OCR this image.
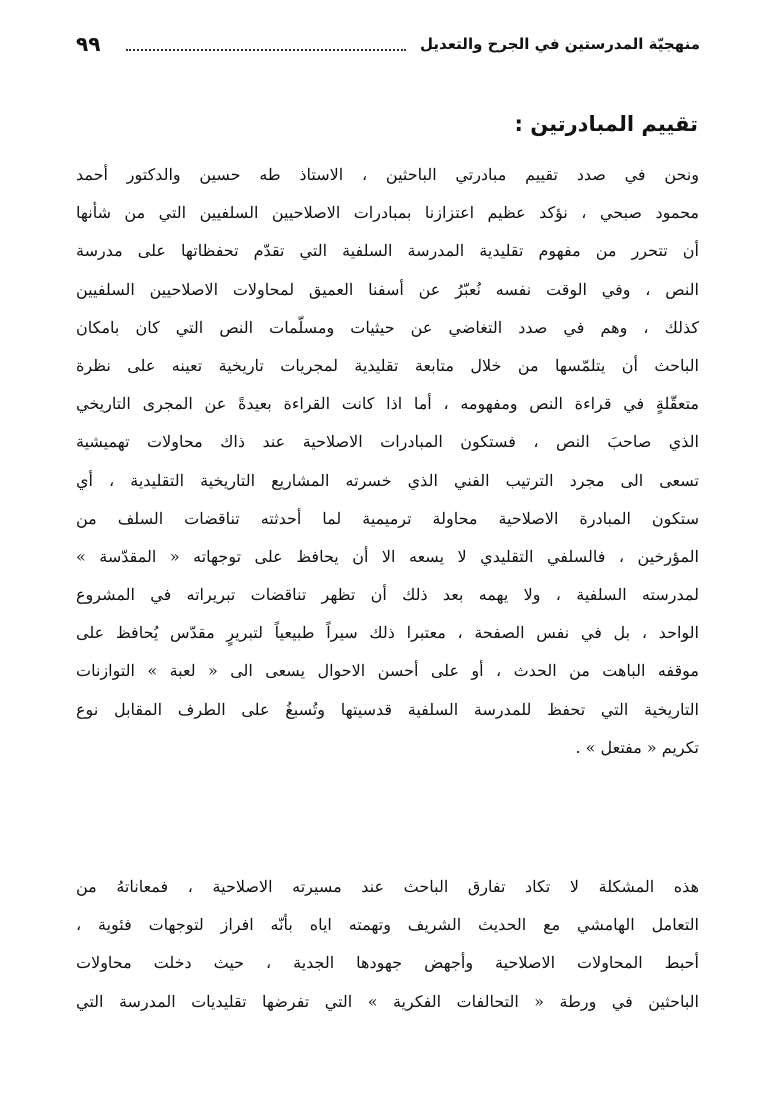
٩٩	منهجيّة المدرستين في الجرح والتعديل
تقييم المبادرتين :
ونحن في صدد تقييم مبادرتي الباحثين ، الاستاذ طه حسين والدكتور أحمد
محمود صبحي ، نؤكد عظيم اعتزازنا بمبادرات الاصلاحيين السلفيين التي من شأنها
أن تتحرر من مفهوم تقليدية المدرسة السلفية التي تقدّم تحفظاتها على مدرسة
النص ، وفي الوقت نفسه نُعبّرُ عن أسفنا العميق لمحاولات الاصلاحيين السلفيين
كذلك ، وهم في صدد التغاضي عن حيثيات ومسلّمات النص التي كان بامكان
الباحث أن يتلمّسها من خلال متابعة تقليدية لمجريات تاريخية تعينه على نظرة
متعقّلةٍ في قراءة النص ومفهومه ، أما اذا كانت القراءة بعيدةً عن المجرى التاريخي
الذي صاحبَ النص ، فستكون المبادرات الاصلاحية عند ذاك محاولات تهميشية
تسعى الى مجرد الترتيب الفني الذي خسرته المشاريع التاريخية التقليدية ، أي
ستكون المبادرة الاصلاحية محاولة ترميمية لما أحدثته تناقضات السلف من
المؤرخين ، فالسلفي التقليدي لا يسعه الا أن يحافظ على توجهاته « المقدّسة »
لمدرسته السلفية ، ولا يهمه بعد ذلك أن تظهر تناقضات تبريراته في المشروع
الواحد ، بل في نفس الصفحة ، معتبرا ذلك سيراً طبيعياً لتبريرٍ مقدّس يُحافظ على
موقفه الباهت من الحدث ، أو على أحسن الاحوال يسعى الى « لعبة » التوازنات
التاريخية التي تحفظ للمدرسة السلفية قدسيتها وتُسبغُ على الطرف المقابل نوع
تكريم « مفتعل » .
هذه المشكلة لا تكاد تفارق الباحث عند مسيرته الاصلاحية ، فمعاناتهُ من
التعامل الهامشي مع الحديث الشريف وتهمته اياه بأنّه افراز لتوجهات فئوية ،
أحبط المحاولات الاصلاحية وأجهض جهودها الجدية ، حيث دخلت محاولات
الباحثين في ورطة « التحالفات الفكرية » التي تفرضها تقليديات المدرسة التي
